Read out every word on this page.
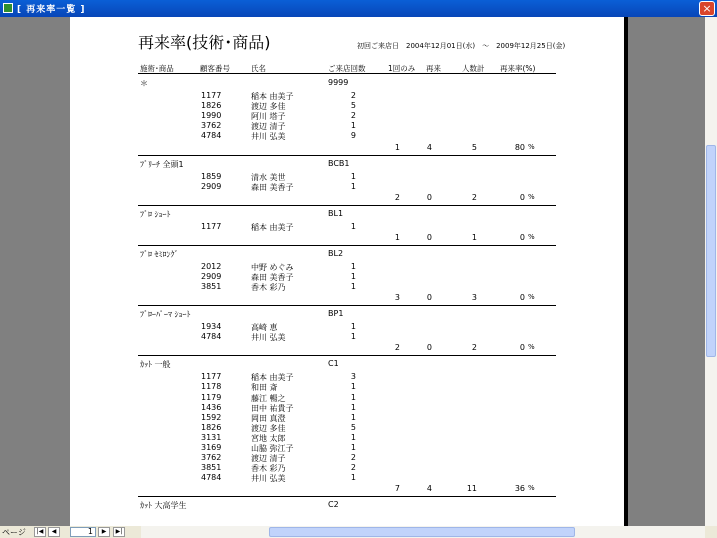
[ 再来率一覧 ]	×
再来率(技術･商品)	初回ご来店日　2004年12月01日(水)　～　2009年12月25日(金)
施術･商品	顧客番号	氏名	ご来店回数	1回のみ 再来	人数計 再来率(%)
＊	9999
1177	稲本 由美子	2
1826	渡辺 多佳	5
1990	阿川 塔子	2
3762	渡辺 清子	1
4784	井川 弘美	9
1	4	5	80 %
ﾌﾞﾘｰﾁ 全頭1	BCB1
1859	清水 美世	1
2909	森田 美香子	1
2	0	2	0 %
ﾌﾞﾛ ｼｮｰﾄ	BL1
1177	稲本 由美子	1
1	0	1	0 %
ﾌﾞﾛ ｾﾐﾛﾝｸﾞ	BL2
2012	中野 めぐみ	1
2909	森田 美香子	1
3851	香木 彩乃	1
3	0	3	0 %
ﾌﾞﾛｰﾊﾟｰﾏ ｼｮｰﾄ	BP1
1934	高崎 恵	1
4784	井川 弘美	1
2	0	2	0 %
ｶｯﾄ 一般	C1
1177	稲本 由美子	3
1178	和田 斎	1
1179	藤江 暢之	1
1436	田中 祐貴子	1
1592	岡田 真澄	1
1826	渡辺 多佳	5
3131	宮地 太郎	1
3169	山脇 弥江子	1
3762	渡辺 清子	2
3851	香木 彩乃	2
4784	井川 弘美	1
7	4	11	36 %
ｶｯﾄ 大高学生	C2
ページ	|◀	◀	1	▶	▶|
